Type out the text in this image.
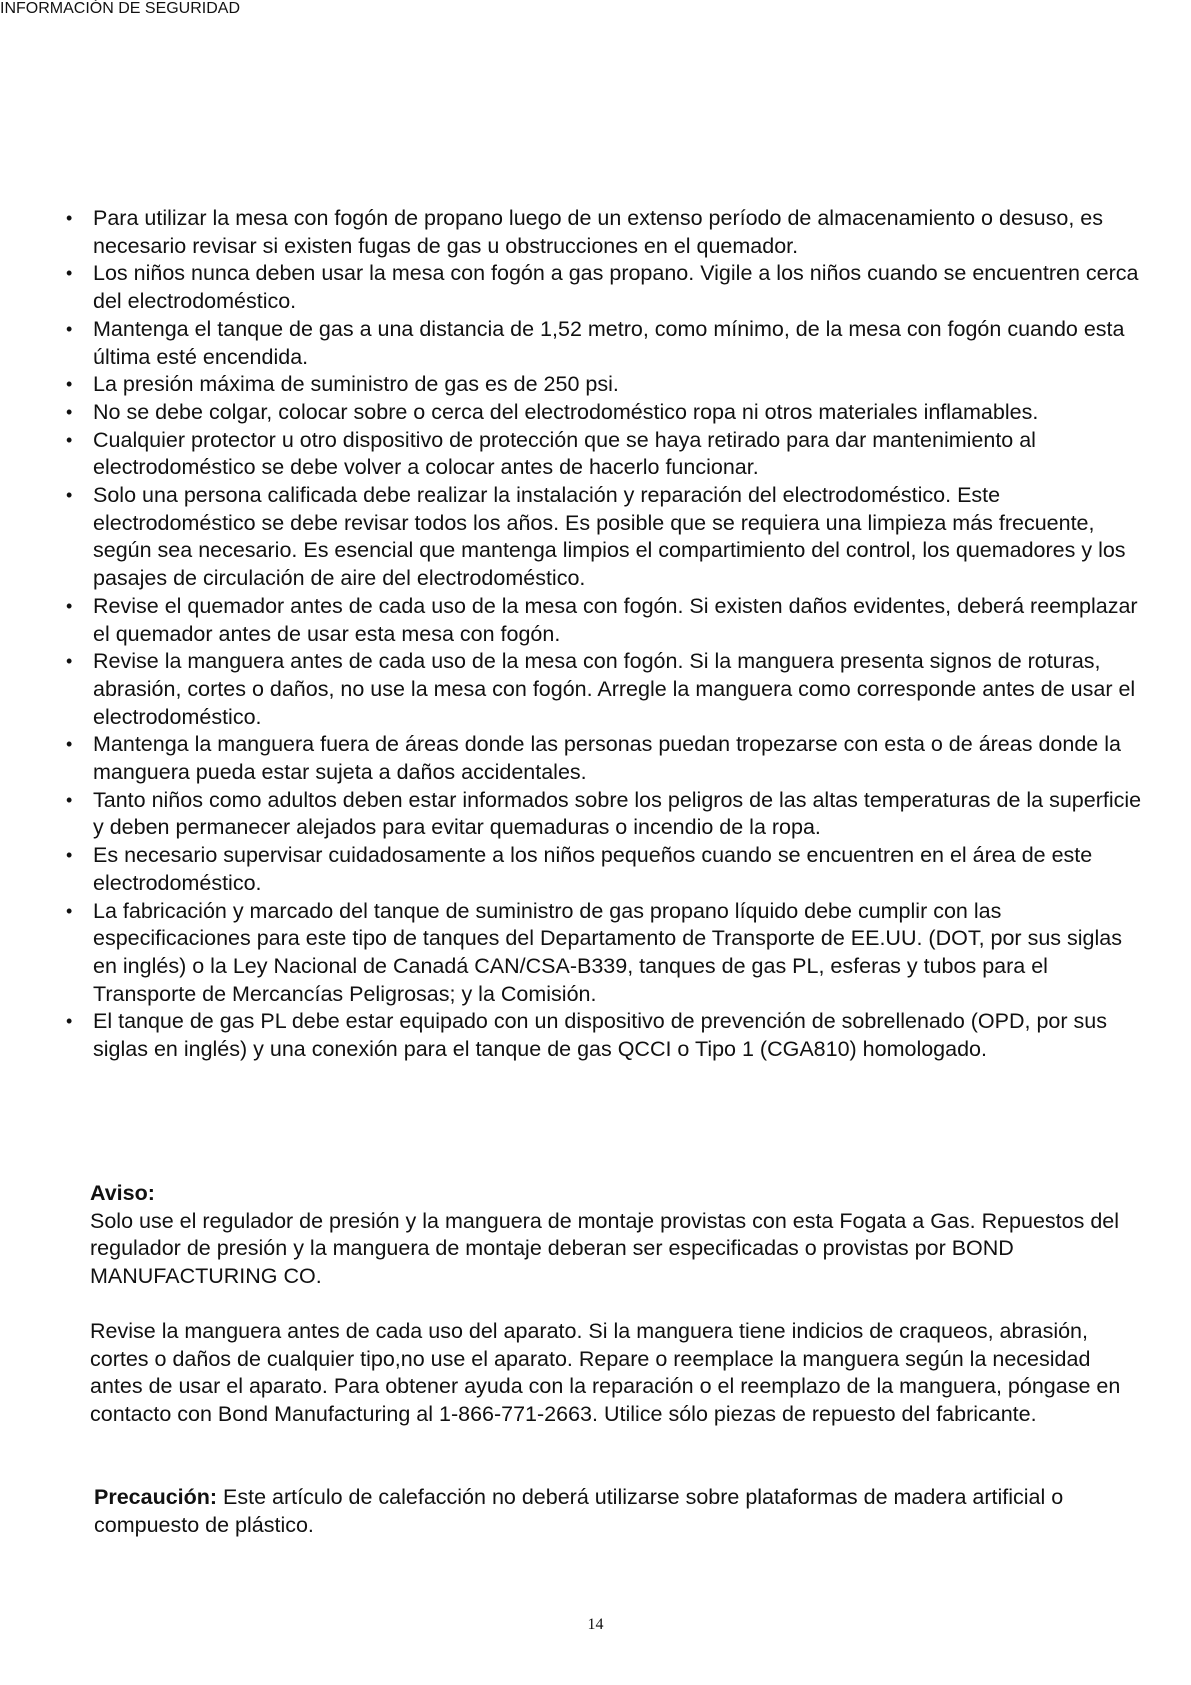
INFORMACIÓN DE SEGURIDAD
• Para utilizar la mesa con fogón de propano luego de un extenso período de almacenamiento o desuso, es necesario revisar si existen fugas de gas u obstrucciones en el quemador.
• Los niños nunca deben usar la mesa con fogón a gas propano. Vigile a los niños cuando se encuentren cerca del electrodoméstico.
• Mantenga el tanque de gas a una distancia de 1,52 metro, como mínimo, de la mesa con fogón cuando esta última esté encendida.
• La presión máxima de suministro de gas es de 250 psi.
• No se debe colgar, colocar sobre o cerca del electrodoméstico ropa ni otros materiales inflamables.
• Cualquier protector u otro dispositivo de protección que se haya retirado para dar mantenimiento al electrodoméstico se debe volver a colocar antes de hacerlo funcionar.
• Solo una persona calificada debe realizar la instalación y reparación del electrodoméstico. Este electrodoméstico se debe revisar todos los años. Es posible que se requiera una limpieza más frecuente, según sea necesario. Es esencial que mantenga limpios el compartimiento del control, los quemadores y los pasajes de circulación de aire del electrodoméstico.
• Revise el quemador antes de cada uso de la mesa con fogón. Si existen daños evidentes, deberá reemplazar el quemador antes de usar esta mesa con fogón.
• Revise la manguera antes de cada uso de la mesa con fogón. Si la manguera presenta signos de roturas, abrasión, cortes o daños, no use la mesa con fogón. Arregle la manguera como corresponde antes de usar el electrodoméstico.
• Mantenga la manguera fuera de áreas donde las personas puedan tropezarse con esta o de áreas donde la manguera pueda estar sujeta a daños accidentales.
• Tanto niños como adultos deben estar informados sobre los peligros de las altas temperaturas de la superficie y deben permanecer alejados para evitar quemaduras o incendio de la ropa.
• Es necesario supervisar cuidadosamente a los niños pequeños cuando se encuentren en el área de este electrodoméstico.
• La fabricación y marcado del tanque de suministro de gas propano líquido debe cumplir con las especificaciones para este tipo de tanques del Departamento de Transporte de EE.UU. (DOT, por sus siglas en inglés) o la Ley Nacional de Canadá CAN/CSA-B339, tanques de gas PL, esferas y tubos para el Transporte de Mercancías Peligrosas; y la Comisión.
• El tanque de gas PL debe estar equipado con un dispositivo de prevención de sobrellenado (OPD, por sus siglas en inglés) y una conexión para el tanque de gas QCCI o Tipo 1 (CGA810) homologado.
Aviso:
Solo use el regulador de presión y la manguera de montaje provistas con esta Fogata a Gas. Repuestos del regulador de presión y la manguera de montaje deberan ser especificadas o provistas por BOND MANUFACTURING CO.
Revise la manguera antes de cada uso del aparato. Si la manguera tiene indicios de craqueos, abrasión, cortes o daños de cualquier tipo,no use el aparato. Repare o reemplace la manguera según la necesidad antes de usar el aparato. Para obtener ayuda con la reparación o el reemplazo de la manguera, póngase en contacto con Bond Manufacturing al 1-866-771-2663. Utilice sólo piezas de repuesto del fabricante.
Precaución: Este artículo de calefacción no deberá utilizarse sobre plataformas de madera artificial o compuesto de plástico.
14
